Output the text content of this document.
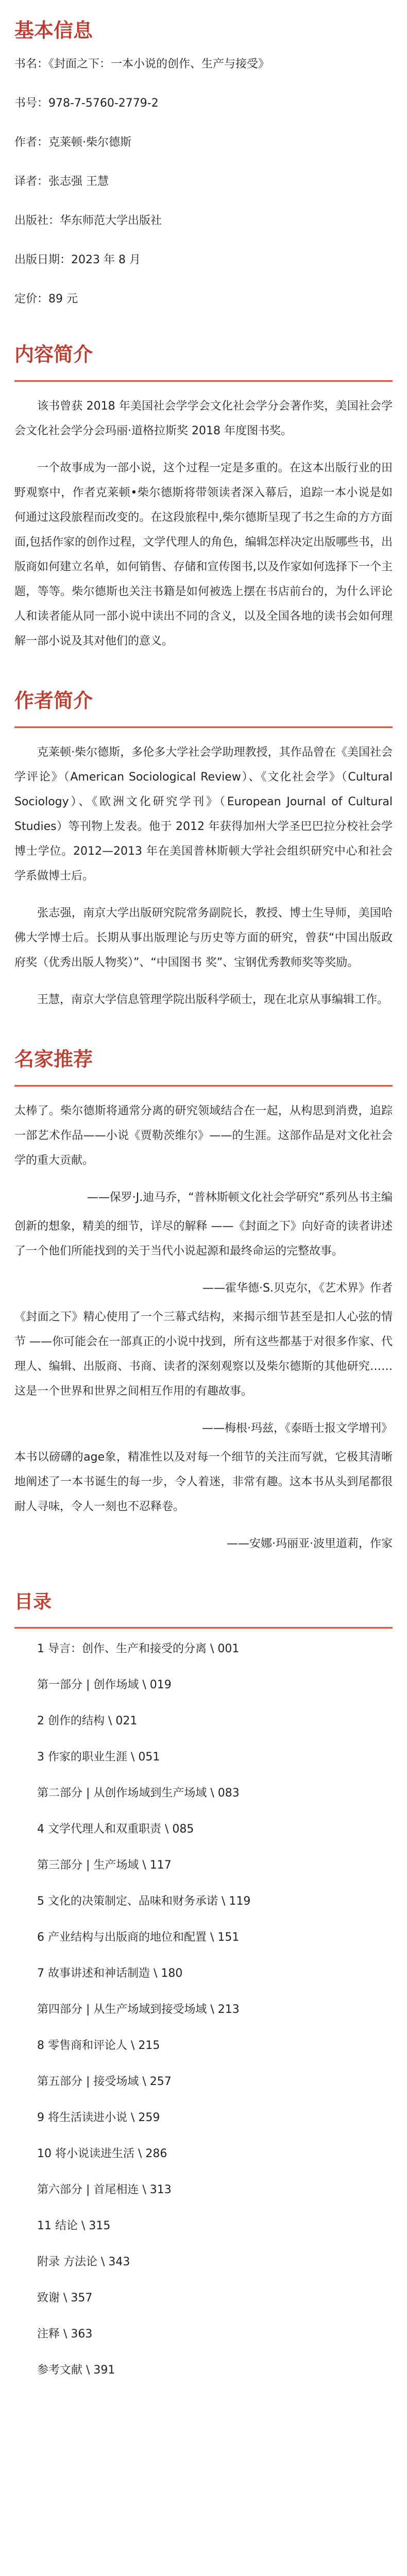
基本信息
书名：《封面之下：一本小说的创作、生产与接受》
书号：978-7-5760-2779-2
作者：克莱顿·柴尔德斯
译者：张志强 王慧
出版社：华东师范大学出版社
出版日期：2023 年 8 月
定价：89 元
内容简介

该书曾获 2018 年美国社会学学会文化社会学分会著作奖，美国社会学会文化社会学分会玛丽·道格拉斯奖 2018 年度图书奖。

一个故事成为一部小说，这个过程一定是多重的。在这本出版行业的田野观察中，作者克莱顿•柴尔德斯将带领读者深入幕后，追踪一本小说是如何通过这段旅程而改变的。在这段旅程中,柴尔德斯呈现了书之生命的方方面面,包括作家的创作过程，文学代理人的角色，编辑怎样决定出版哪些书，出版商如何建立名单，如何销售、存储和宣传图书,以及作家如何选择下一个主题，等等。柴尔德斯也关注书籍是如何被选上摆在书店前台的，为什么评论人和读者能从同一部小说中读出不同的含义，以及全国各地的读书会如何理解一部小说及其对他们的意义。

作者简介

克莱顿·柴尔德斯，多伦多大学社会学助理教授，其作品曾在《美国社会学评论》（American Sociological Review）、《文化社会学》（Cultural Sociology）、《欧洲文化研究学刊》（European Journal of Cultural Studies）等刊物上发表。他于 2012 年获得加州大学圣巴巴拉分校社会学博士学位。2012—2013 年在美国普林斯顿大学社会组织研究中心和社会学系做博士后。

张志强，南京大学出版研究院常务副院长，教授、博士生导师，美国哈佛大学博士后。长期从事出版理论与历史等方面的研究，曾获“中国出版政府奖（优秀出版人物奖）”、“中国图书 奖”、宝钢优秀教师奖等奖励。

王慧，南京大学信息管理学院出版科学硕士，现在北京从事编辑工作。

名家推荐

太棒了。柴尔德斯将通常分离的研究领域结合在一起，从构思到消费，追踪一部艺术作品——小说《贾勒茨维尔》——的生涯。这部作品是对文化社会学的重大贡献。

——保罗·J.迪马乔，“普林斯顿文化社会学研究”系列丛书主编

创新的想象，精美的细节，详尽的解释 ——《封面之下》向好奇的读者讲述了一个他们所能找到的关于当代小说起源和最终命运的完整故事。

——霍华德·S.贝克尔，《艺术界》作者

《封面之下》精心使用了一个三幕式结构，来揭示细节甚至是扣人心弦的情节 ——你可能会在一部真正的小说中找到，所有这些都基于对很多作家、代理人、编辑、出版商、书商、读者的深刻观察以及柴尔德斯的其他研究……这是一个世界和世界之间相互作用的有趣故事。

——梅根·玛兹，《泰晤士报文学增刊》

本书以磅礴的age象，精准性以及对每一个细节的关注而写就，它极其清晰地阐述了一本书诞生的每一步，令人着迷，非常有趣。这本书从头到尾都很耐人寻味，令人一刻也不忍释卷。

——安娜·玛丽亚·波里道莉，作家

目录
1 导言：创作、生产和接受的分离 \ 001
第一部分 | 创作场域 \ 019
2 创作的结构 \ 021
3 作家的职业生涯 \ 051
第二部分 | 从创作场域到生产场域 \ 083
4 文学代理人和双重职责 \ 085
第三部分 | 生产场域 \ 117
5 文化的决策制定、品味和财务承诺 \ 119
6 产业结构与出版商的地位和配置 \ 151
7 故事讲述和神话制造 \ 180
第四部分 | 从生产场域到接受场域 \ 213
8 零售商和评论人 \ 215
第五部分 | 接受场域 \ 257
9 将生活读进小说 \ 259
10 将小说读进生活 \ 286
第六部分 | 首尾相连 \ 313
11 结论 \ 315
附录 方法论 \ 343
致谢 \ 357
注释 \ 363
参考文献 \ 391
